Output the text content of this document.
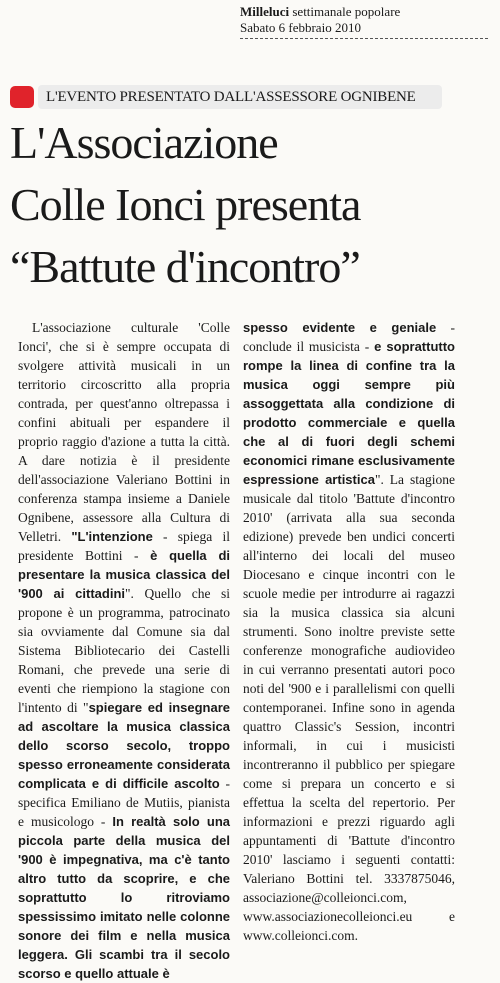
Milleluci settimanale popolare
Sabato 6 febbraio 2010
L'EVENTO PRESENTATO DALL'ASSESSORE OGNIBENE
L'Associazione
Colle Ionci presenta
“Battute d'incontro”

L'associazione culturale 'Colle Ionci', che si è sempre occupata di svolgere attività musicali in un territorio circoscritto alla propria contrada, per quest'anno oltrepassa i confini abituali per espandere il proprio raggio d'azione a tutta la città. A dare notizia è il presidente dell'associazione Valeriano Bottini in conferenza stampa insieme a Daniele Ognibene, assessore alla Cultura di Velletri. "L'intenzione - spiega il presidente Bottini - è quella di presentare la musica classica del '900 ai cittadini". Quello che si propone è un programma, patrocinato sia ovviamente dal Comune sia dal Sistema Bibliotecario dei Castelli Romani, che prevede una serie di eventi che riempiono la stagione con l'intento di "spiegare ed insegnare ad ascoltare la musica classica dello scorso secolo, troppo spesso erroneamente considerata complicata e di difficile ascolto - specifica Emiliano de Mutiis, pianista e musicologo - In realtà solo una piccola parte della musica del '900 è impegnativa, ma c'è tanto altro tutto da scoprire, e che soprattutto lo ritroviamo spessissimo imitato nelle colonne sonore dei film e nella musica leggera. Gli scambi tra il secolo scorso e quello attuale è

spesso evidente e geniale - conclude il musicista - e soprattutto rompe la linea di confine tra la musica oggi sempre più assoggettata alla condizione di prodotto commerciale e quella che al di fuori degli schemi economici rimane esclusivamente espressione artistica". La stagione musicale dal titolo 'Battute d'incontro 2010' (arrivata alla sua seconda edizione) prevede ben undici concerti all'interno dei locali del museo Diocesano e cinque incontri con le scuole medie per introdurre ai ragazzi sia la musica classica sia alcuni strumenti. Sono inoltre previste sette conferenze monografiche audiovideo in cui verranno presentati autori poco noti del '900 e i parallelismi con quelli contemporanei. Infine sono in agenda quattro Classic's Session, incontri informali, in cui i musicisti incontreranno il pubblico per spiegare come si prepara un concerto e si effettua la scelta del repertorio. Per informazioni e prezzi riguardo agli appuntamenti di 'Battute d'incontro 2010' lasciamo i seguenti contatti: Valeriano Bottini tel. 3337875046, associazione@colleionci.com, www.associazionecolleionci.eu e www.colleionci.com.
